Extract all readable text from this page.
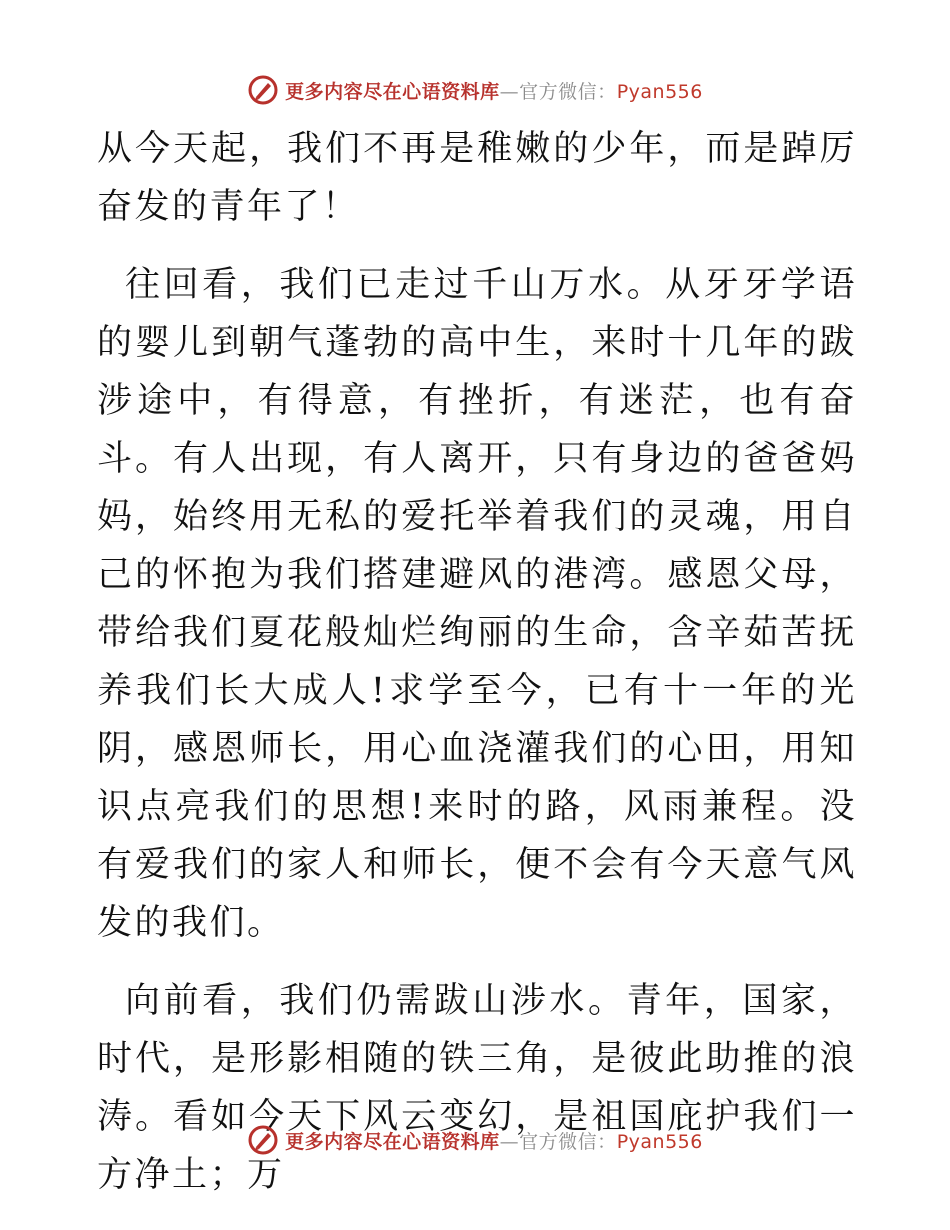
更多内容尽在心语资料库—官方微信：Pyan556

从今天起，我们不再是稚嫩的少年，而是踔厉奋发的青年了！

往回看，我们已走过千山万水。从牙牙学语的婴儿到朝气蓬勃的高中生，来时十几年的跋涉途中，有得意，有挫折，有迷茫，也有奋斗。有人出现，有人离开，只有身边的爸爸妈妈，始终用无私的爱托举着我们的灵魂，用自己的怀抱为我们搭建避风的港湾。感恩父母，带给我们夏花般灿烂绚丽的生命，含辛茹苦抚养我们长大成人!求学至今，已有十一年的光阴，感恩师长，用心血浇灌我们的心田，用知识点亮我们的思想!来时的路，风雨兼程。没有爱我们的家人和师长，便不会有今天意气风发的我们。

向前看，我们仍需跋山涉水。青年，国家，时代，是形影相随的铁三角，是彼此助推的浪涛。看如今天下风云变幻，是祖国庇护我们一方净土；万

更多内容尽在心语资料库—官方微信：Pyan556
